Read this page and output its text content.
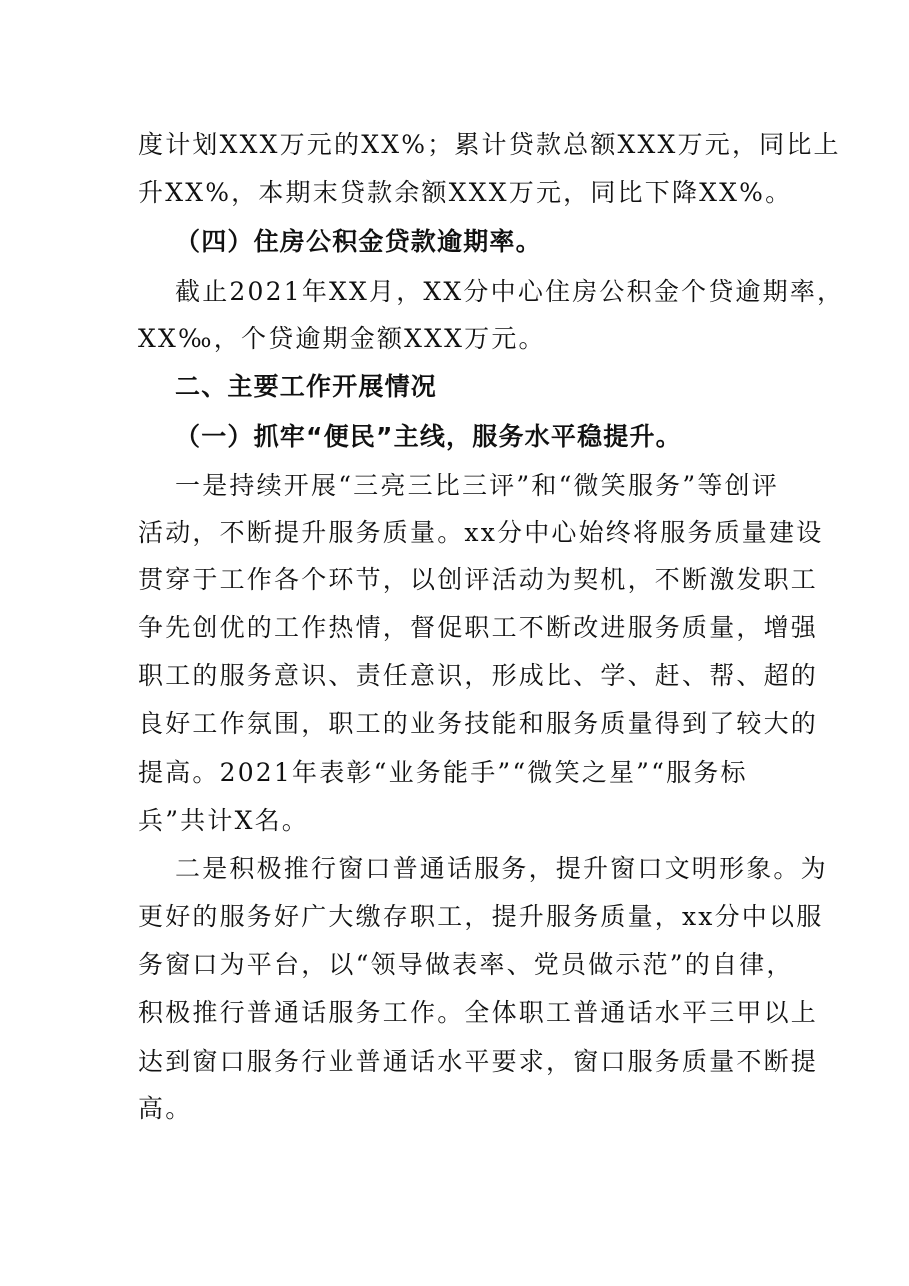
度计划XXX万元的XX%；累计贷款总额XXX万元，同比上
升XX%，本期末贷款余额XXX万元，同比下降XX%。
（四）住房公积金贷款逾期率。
截止2021年XX月，XX分中心住房公积金个贷逾期率，
XX‰，个贷逾期金额XXX万元。
二、主要工作开展情况
（一）抓牢“便民”主线，服务水平稳提升。
一是持续开展“三亮三比三评”和“微笑服务”等创评
活动，不断提升服务质量。xx分中心始终将服务质量建设
贯穿于工作各个环节，以创评活动为契机，不断激发职工
争先创优的工作热情，督促职工不断改进服务质量，增强
职工的服务意识、责任意识，形成比、学、赶、帮、超的
良好工作氛围，职工的业务技能和服务质量得到了较大的
提高。2021年表彰“业务能手”“微笑之星”“服务标
兵”共计X名。
二是积极推行窗口普通话服务，提升窗口文明形象。为
更好的服务好广大缴存职工，提升服务质量，xx分中以服
务窗口为平台，以“领导做表率、党员做示范”的自律，
积极推行普通话服务工作。全体职工普通话水平三甲以上
达到窗口服务行业普通话水平要求，窗口服务质量不断提
高。
